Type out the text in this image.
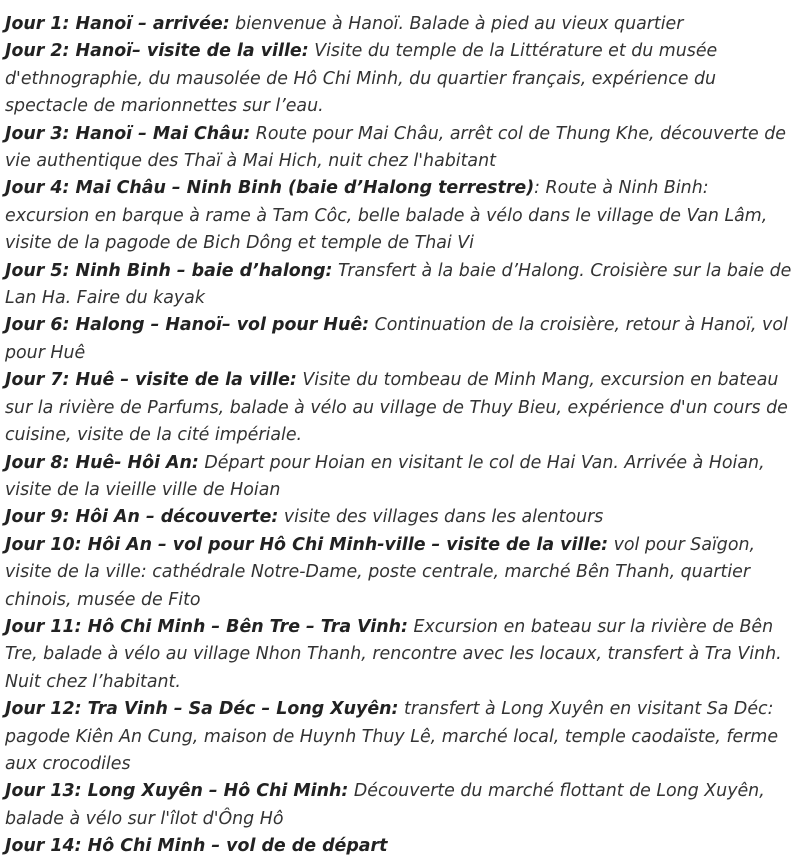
Jour 1: Hanoï – arrivée: bienvenue à Hanoï. Balade à pied au vieux quartier

Jour 2: Hanoï– visite de la ville: Visite du temple de la Littérature et du musée d'ethnographie, du mausolée de Hô Chi Minh, du quartier français, expérience du spectacle de marionnettes sur l’eau.

Jour 3: Hanoï – Mai Châu: Route pour Mai Châu, arrêt col de Thung Khe, découverte de vie authentique des Thaï à Mai Hich, nuit chez l'habitant

Jour 4: Mai Châu – Ninh Binh (baie d’Halong terrestre): Route à Ninh Binh: excursion en barque à rame à Tam Côc, belle balade à vélo dans le village de Van Lâm, visite de la pagode de Bich Dông et temple de Thai Vi

Jour 5: Ninh Binh – baie d’halong: Transfert à la baie d’Halong. Croisière sur la baie de Lan Ha. Faire du kayak

Jour 6: Halong – Hanoï– vol pour Huê: Continuation de la croisière, retour à Hanoï, vol pour Huê

Jour 7: Huê – visite de la ville: Visite du tombeau de Minh Mang, excursion en bateau sur la rivière de Parfums, balade à vélo au village de Thuy Bieu, expérience d'un cours de cuisine, visite de la cité impériale.

Jour 8: Huê- Hôi An: Départ pour Hoian en visitant le col de Hai Van. Arrivée à Hoian, visite de la vieille ville de Hoian

Jour 9: Hôi An – découverte: visite des villages dans les alentours

Jour 10: Hôi An – vol pour Hô Chi Minh-ville – visite de la ville: vol pour Saïgon, visite de la ville: cathédrale Notre-Dame, poste centrale, marché Bên Thanh, quartier chinois, musée de Fito

Jour 11: Hô Chi Minh – Bên Tre – Tra Vinh: Excursion en bateau sur la rivière de Bên Tre, balade à vélo au village Nhon Thanh, rencontre avec les locaux, transfert à Tra Vinh. Nuit chez l’habitant.

Jour 12: Tra Vinh – Sa Déc – Long Xuyên: transfert à Long Xuyên en visitant Sa Déc: pagode Kiên An Cung, maison de Huynh Thuy Lê, marché local, temple caodaïste, ferme aux crocodiles

Jour 13: Long Xuyên – Hô Chi Minh: Découverte du marché flottant de Long Xuyên, balade à vélo sur l'îlot d'Ông Hô

Jour 14: Hô Chi Minh – vol de de départ
